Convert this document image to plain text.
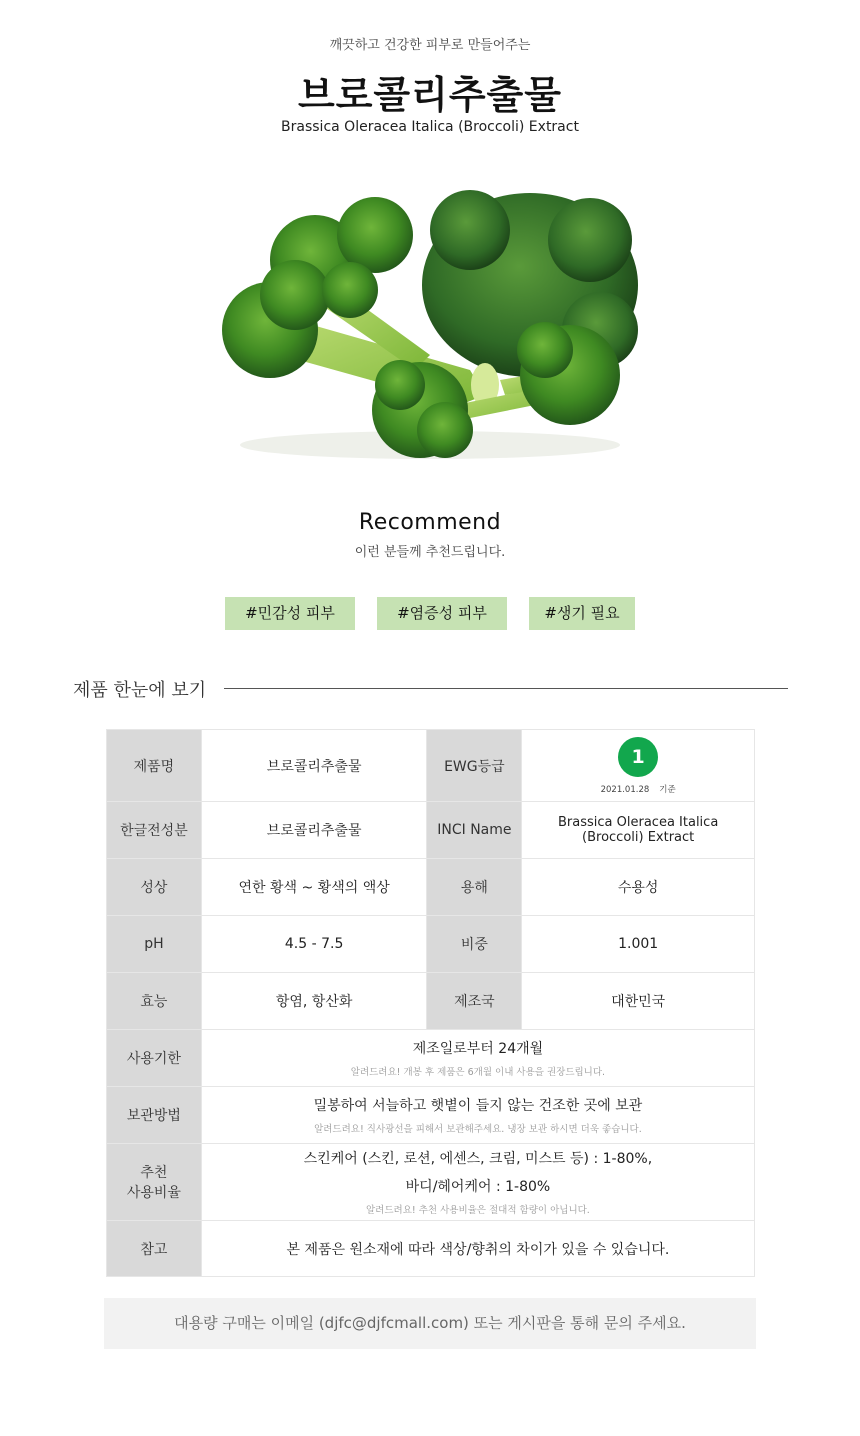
깨끗하고 건강한 피부로 만들어주는
브로콜리추출물
Brassica Oleracea Italica (Broccoli) Extract
Recommend
이런 분들께 추천드립니다.
#민감성 피부	#염증성 피부	#생기 필요
제품 한눈에 보기
제품명	브로콜리추출물	EWG등급	1
2021.01.28 기준

한글전성분	브로콜리추출물	INCI Name	Brassica Oleracea Italica (Broccoli) Extract
성상	연한 황색 ~ 황색의 액상	용해	수용성
pH	4.5 - 7.5	비중	1.001
효능	항염, 항산화	제조국	대한민국
사용기한	제조일로부터 24개월
알려드려요! 개봉 후 제품은 6개월 이내 사용을 권장드립니다.		

보관방법	밀봉하여 서늘하고 햇볕이 들지 않는 건조한 곳에 보관
알려드려요! 직사광선을 피해서 보관해주세요. 냉장 보관 하시면 더욱 좋습니다.		

추천
사용비율	스킨케어 (스킨, 로션, 에센스, 크림, 미스트 등) : 1-80%,
바디/헤어케어 : 1-80%
알려드려요! 추천 사용비율은 절대적 함량이 아닙니다.		

참고	본 제품은 원소재에 따라 색상/향취의 차이가 있을 수 있습니다.		
대용량 구매는 이메일 (djfc@djfcmall.com) 또는 게시판을 통해 문의 주세요.
